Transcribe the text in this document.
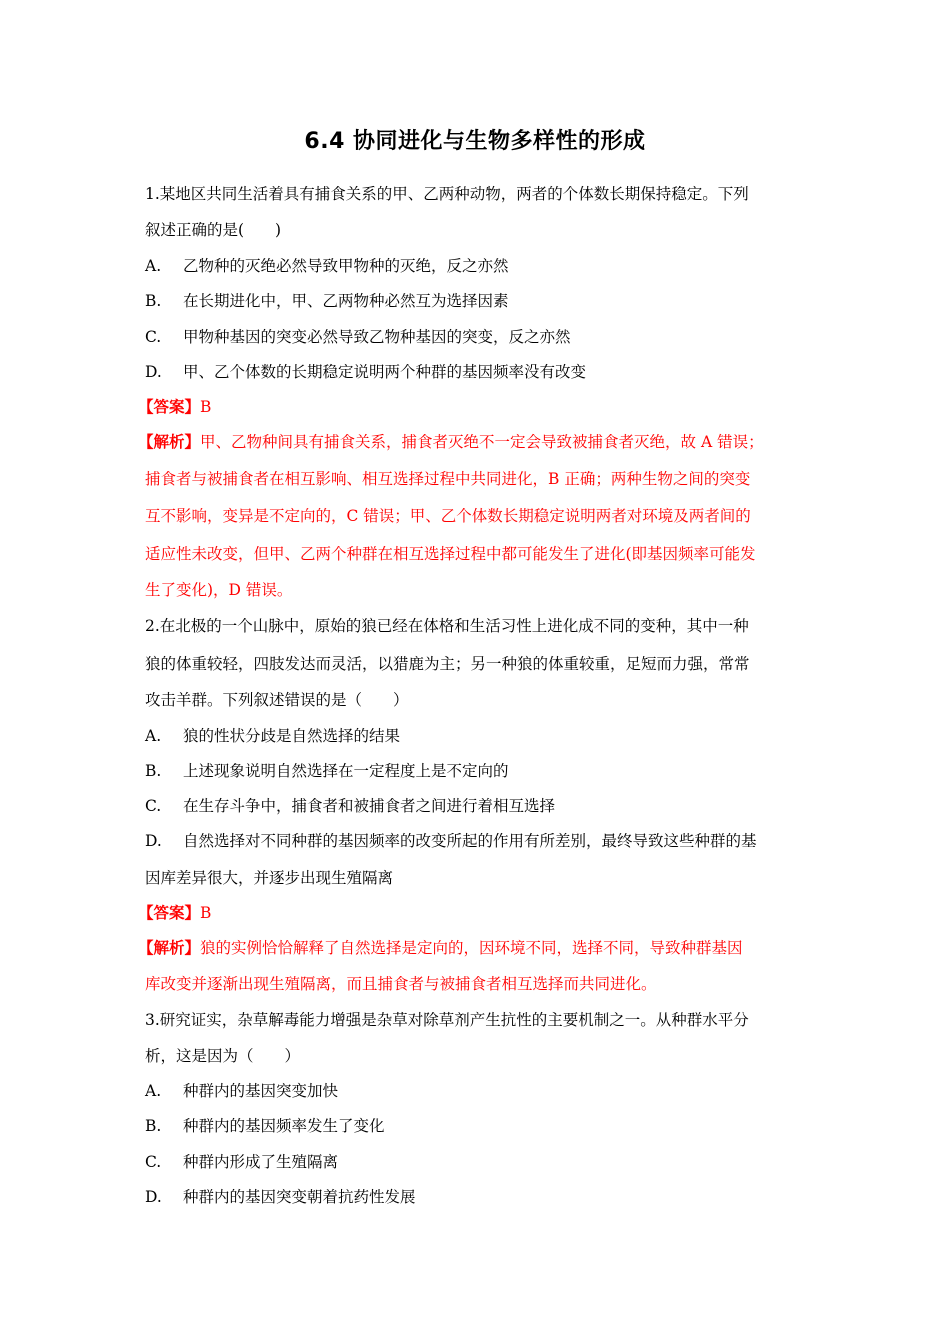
6.4 协同进化与生物多样性的形成
1.某地区共同生活着具有捕食关系的甲、乙两种动物，两者的个体数长期保持稳定。下列
叙述正确的是(　　)
A. 乙物种的灭绝必然导致甲物种的灭绝，反之亦然
B. 在长期进化中，甲、乙两物种必然互为选择因素
C. 甲物种基因的突变必然导致乙物种基因的突变，反之亦然
D. 甲、乙个体数的长期稳定说明两个种群的基因频率没有改变
【答案】B
【解析】甲、乙物种间具有捕食关系，捕食者灭绝不一定会导致被捕食者灭绝，故 A 错误；
捕食者与被捕食者在相互影响、相互选择过程中共同进化，B 正确；两种生物之间的突变
互不影响，变异是不定向的，C 错误；甲、乙个体数长期稳定说明两者对环境及两者间的
适应性未改变，但甲、乙两个种群在相互选择过程中都可能发生了进化(即基因频率可能发
生了变化)，D 错误。
2.在北极的一个山脉中，原始的狼已经在体格和生活习性上进化成不同的变种，其中一种
狼的体重较轻，四肢发达而灵活，以猎鹿为主；另一种狼的体重较重，足短而力强，常常
攻击羊群。下列叙述错误的是（　　）
A. 狼的性状分歧是自然选择的结果
B. 上述现象说明自然选择在一定程度上是不定向的
C. 在生存斗争中，捕食者和被捕食者之间进行着相互选择
D. 自然选择对不同种群的基因频率的改变所起的作用有所差别，最终导致这些种群的基
因库差异很大，并逐步出现生殖隔离
【答案】B
【解析】狼的实例恰恰解释了自然选择是定向的，因环境不同，选择不同，导致种群基因
库改变并逐渐出现生殖隔离，而且捕食者与被捕食者相互选择而共同进化。
3.研究证实，杂草解毒能力增强是杂草对除草剂产生抗性的主要机制之一。从种群水平分
析，这是因为（　　）
A. 种群内的基因突变加快
B. 种群内的基因频率发生了变化
C. 种群内形成了生殖隔离
D. 种群内的基因突变朝着抗药性发展
